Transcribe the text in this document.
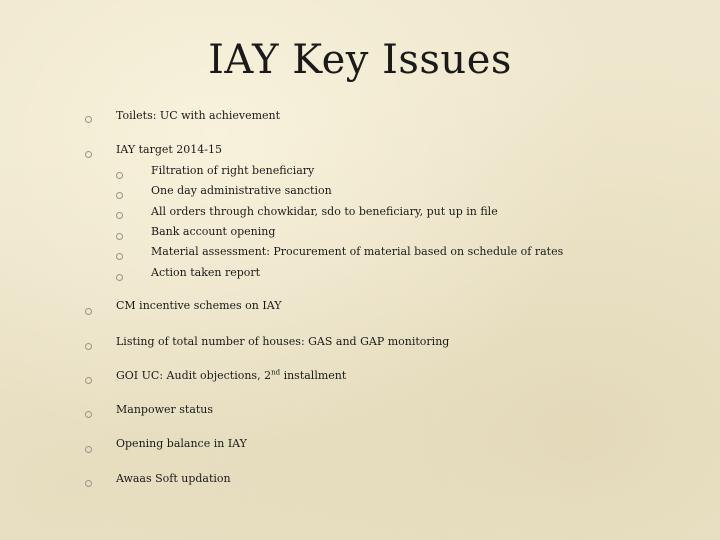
IAY Key Issues
Toilets: UC with achievement
IAY target 2014-15
Filtration of right beneficiary
One day administrative sanction
All orders through chowkidar, sdo to beneficiary, put up in file
Bank account opening
Material assessment: Procurement of material based on schedule of rates
Action taken report
CM incentive schemes on IAY
Listing of total number of houses: GAS and GAP monitoring
GOI UC: Audit objections, 2nd installment
Manpower status
Opening balance in IAY
Awaas Soft updation
